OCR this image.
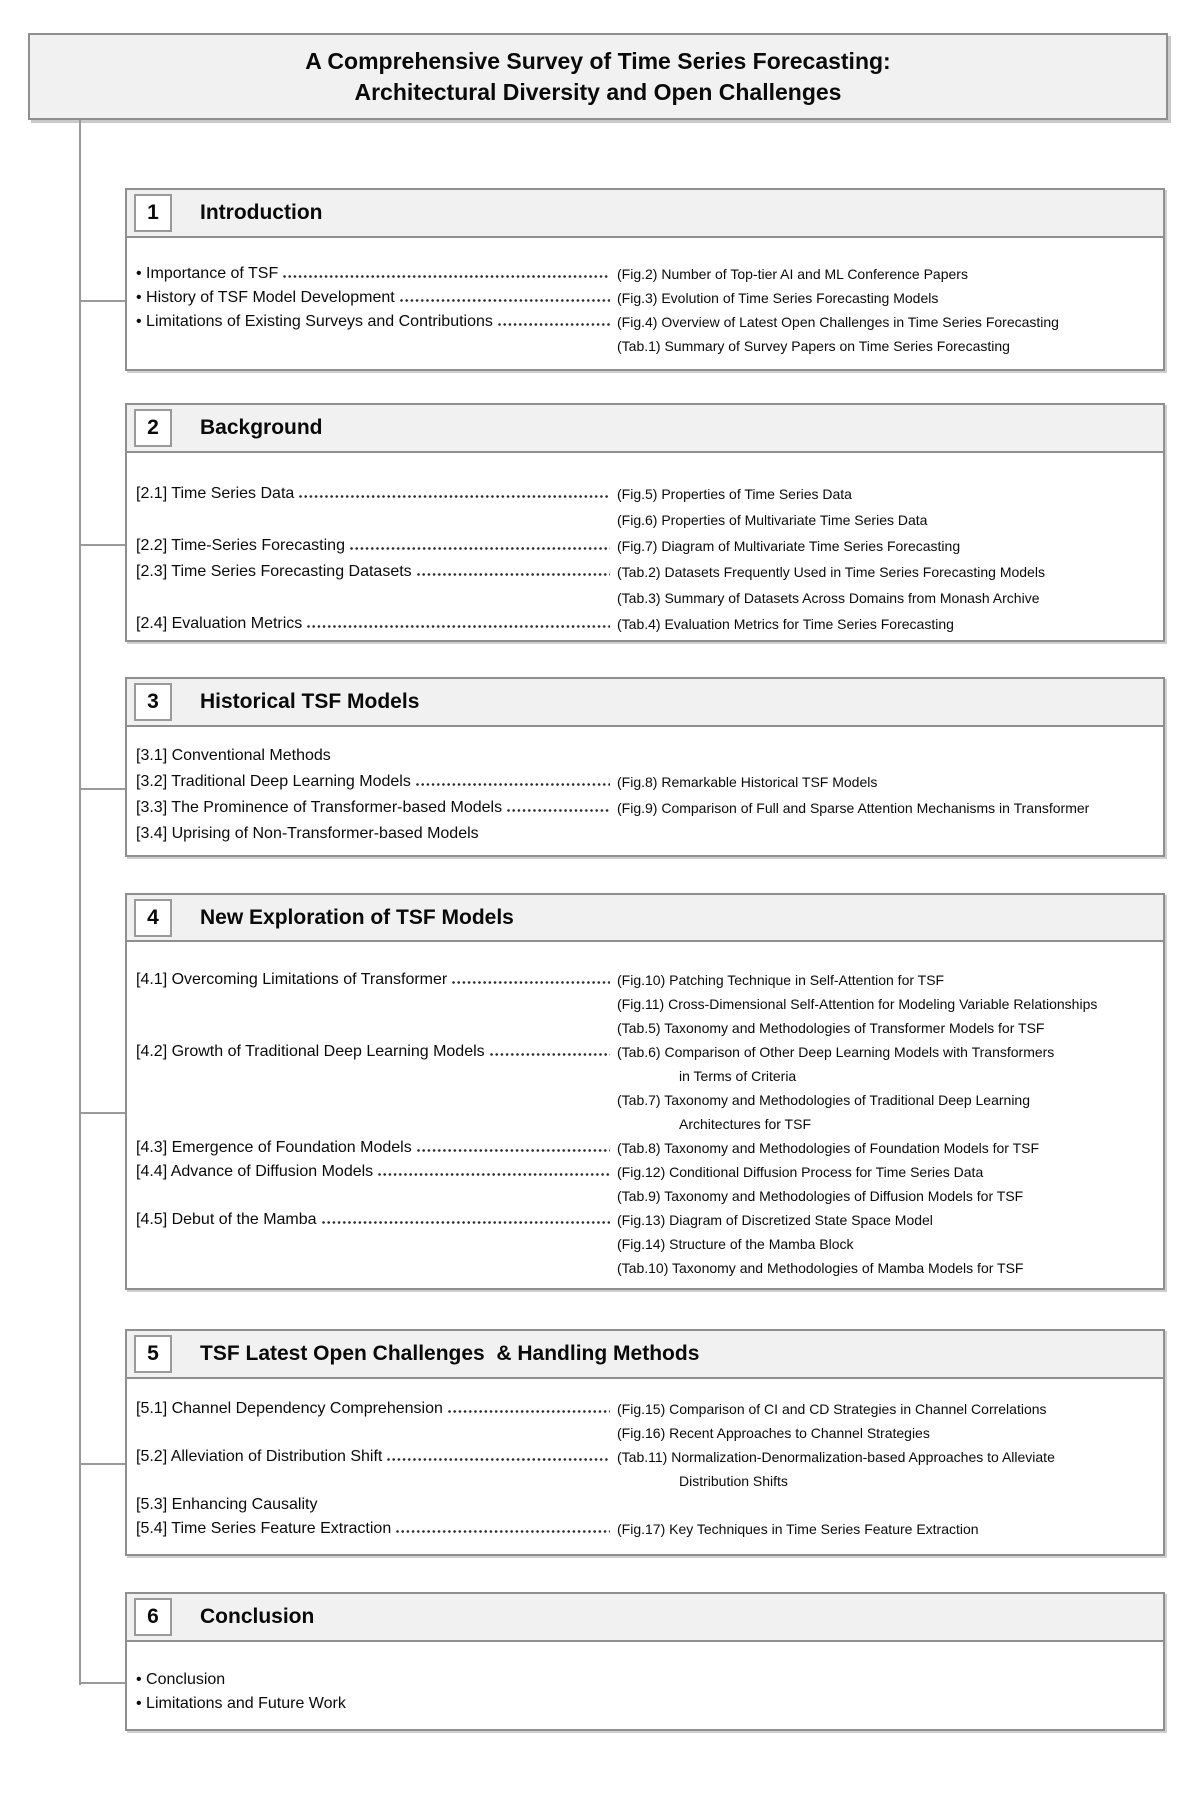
A Comprehensive Survey of Time Series Forecasting:
Architectural Diversity and Open Challenges
1	Introduction
• Importance of TSF	(Fig.2) Number of Top-tier AI and ML Conference Papers
• History of TSF Model Development	(Fig.3) Evolution of Time Series Forecasting Models
• Limitations of Existing Surveys and Contributions	(Fig.4) Overview of Latest Open Challenges in Time Series Forecasting
(Tab.1) Summary of Survey Papers on Time Series Forecasting
2	Background
[2.1] Time Series Data	(Fig.5) Properties of Time Series Data
(Fig.6) Properties of Multivariate Time Series Data
[2.2] Time-Series Forecasting	(Fig.7) Diagram of Multivariate Time Series Forecasting
[2.3] Time Series Forecasting Datasets	(Tab.2) Datasets Frequently Used in Time Series Forecasting Models
(Tab.3) Summary of Datasets Across Domains from Monash Archive
[2.4] Evaluation Metrics	(Tab.4) Evaluation Metrics for Time Series Forecasting
3	Historical TSF Models
[3.1] Conventional Methods
[3.2] Traditional Deep Learning Models	(Fig.8) Remarkable Historical TSF Models
[3.3] The Prominence of Transformer-based Models	(Fig.9) Comparison of Full and Sparse Attention Mechanisms in Transformer
[3.4] Uprising of Non-Transformer-based Models
4	New Exploration of TSF Models
[4.1] Overcoming Limitations of Transformer	(Fig.10) Patching Technique in Self-Attention for TSF
(Fig.11) Cross-Dimensional Self-Attention for Modeling Variable Relationships
(Tab.5) Taxonomy and Methodologies of Transformer Models for TSF
[4.2] Growth of Traditional Deep Learning Models	(Tab.6) Comparison of Other Deep Learning Models with Transformers
in Terms of Criteria
(Tab.7) Taxonomy and Methodologies of Traditional Deep Learning
Architectures for TSF
[4.3] Emergence of Foundation Models	(Tab.8) Taxonomy and Methodologies of Foundation Models for TSF
[4.4] Advance of Diffusion Models	(Fig.12) Conditional Diffusion Process for Time Series Data
(Tab.9) Taxonomy and Methodologies of Diffusion Models for TSF
[4.5] Debut of the Mamba	(Fig.13) Diagram of Discretized State Space Model
(Fig.14) Structure of the Mamba Block
(Tab.10) Taxonomy and Methodologies of Mamba Models for TSF
5	TSF Latest Open Challenges  & Handling Methods
[5.1] Channel Dependency Comprehension	(Fig.15) Comparison of CI and CD Strategies in Channel Correlations
(Fig.16) Recent Approaches to Channel Strategies
[5.2] Alleviation of Distribution Shift	(Tab.11) Normalization-Denormalization-based Approaches to Alleviate
Distribution Shifts
[5.3] Enhancing Causality
[5.4] Time Series Feature Extraction	(Fig.17) Key Techniques in Time Series Feature Extraction
6	Conclusion
• Conclusion
• Limitations and Future Work
